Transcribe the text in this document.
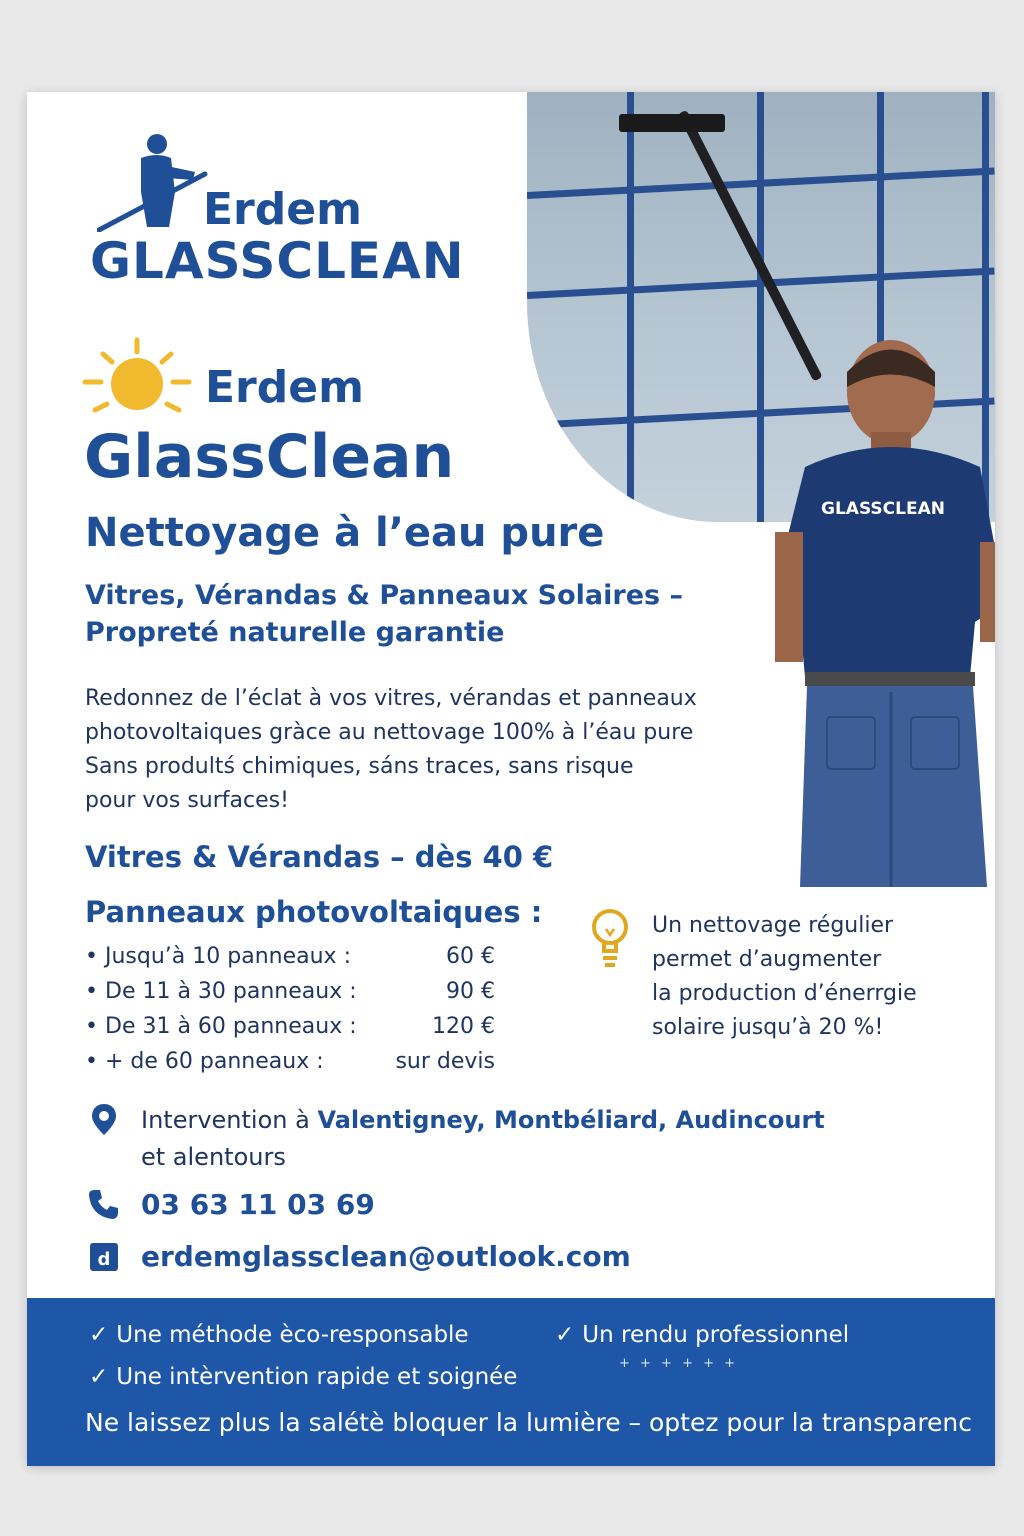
GLASSCLEAN
Erdem
GLASSCLEAN
Erdem
GlassClean
Nettoyage à l’eau pure
Vitres, Vérandas & Panneaux Solaires –
Propreté naturelle garantie
Redonnez de l’éclat à vos vitres, vérandas et panneaux
photovoltaiques gràce au nettovage 100% à l’éau pure
Sans produltś chimiques, sáns traces, sans risque
pour vos surfaces!
Vitres & Vérandas – dès 40 €
Panneaux photovoltaiques :
• Jusqu’à 10 panneaux :	60 €
• De 11 à 30 panneaux :	90 €
• De 31 à 60 panneaux :	120 €
• + de 60 panneaux :	sur devis
Un nettovage régulier
permet d’augmenter
la production d’énerrgie
solaire jusqu’à 20 %!
Intervention à Valentigney, Montbéliard, Audincourt
et alentours
03 63 11 03 69
d erdemglassclean@outlook.com
✓ Une méthode èco-responsable	✓ Un rendu professionnel
✓ Une intèrvention rapide et soignée
+ + + + + +
Ne laissez plus la salétè bloquer la lumière – optez pour la transparenc
